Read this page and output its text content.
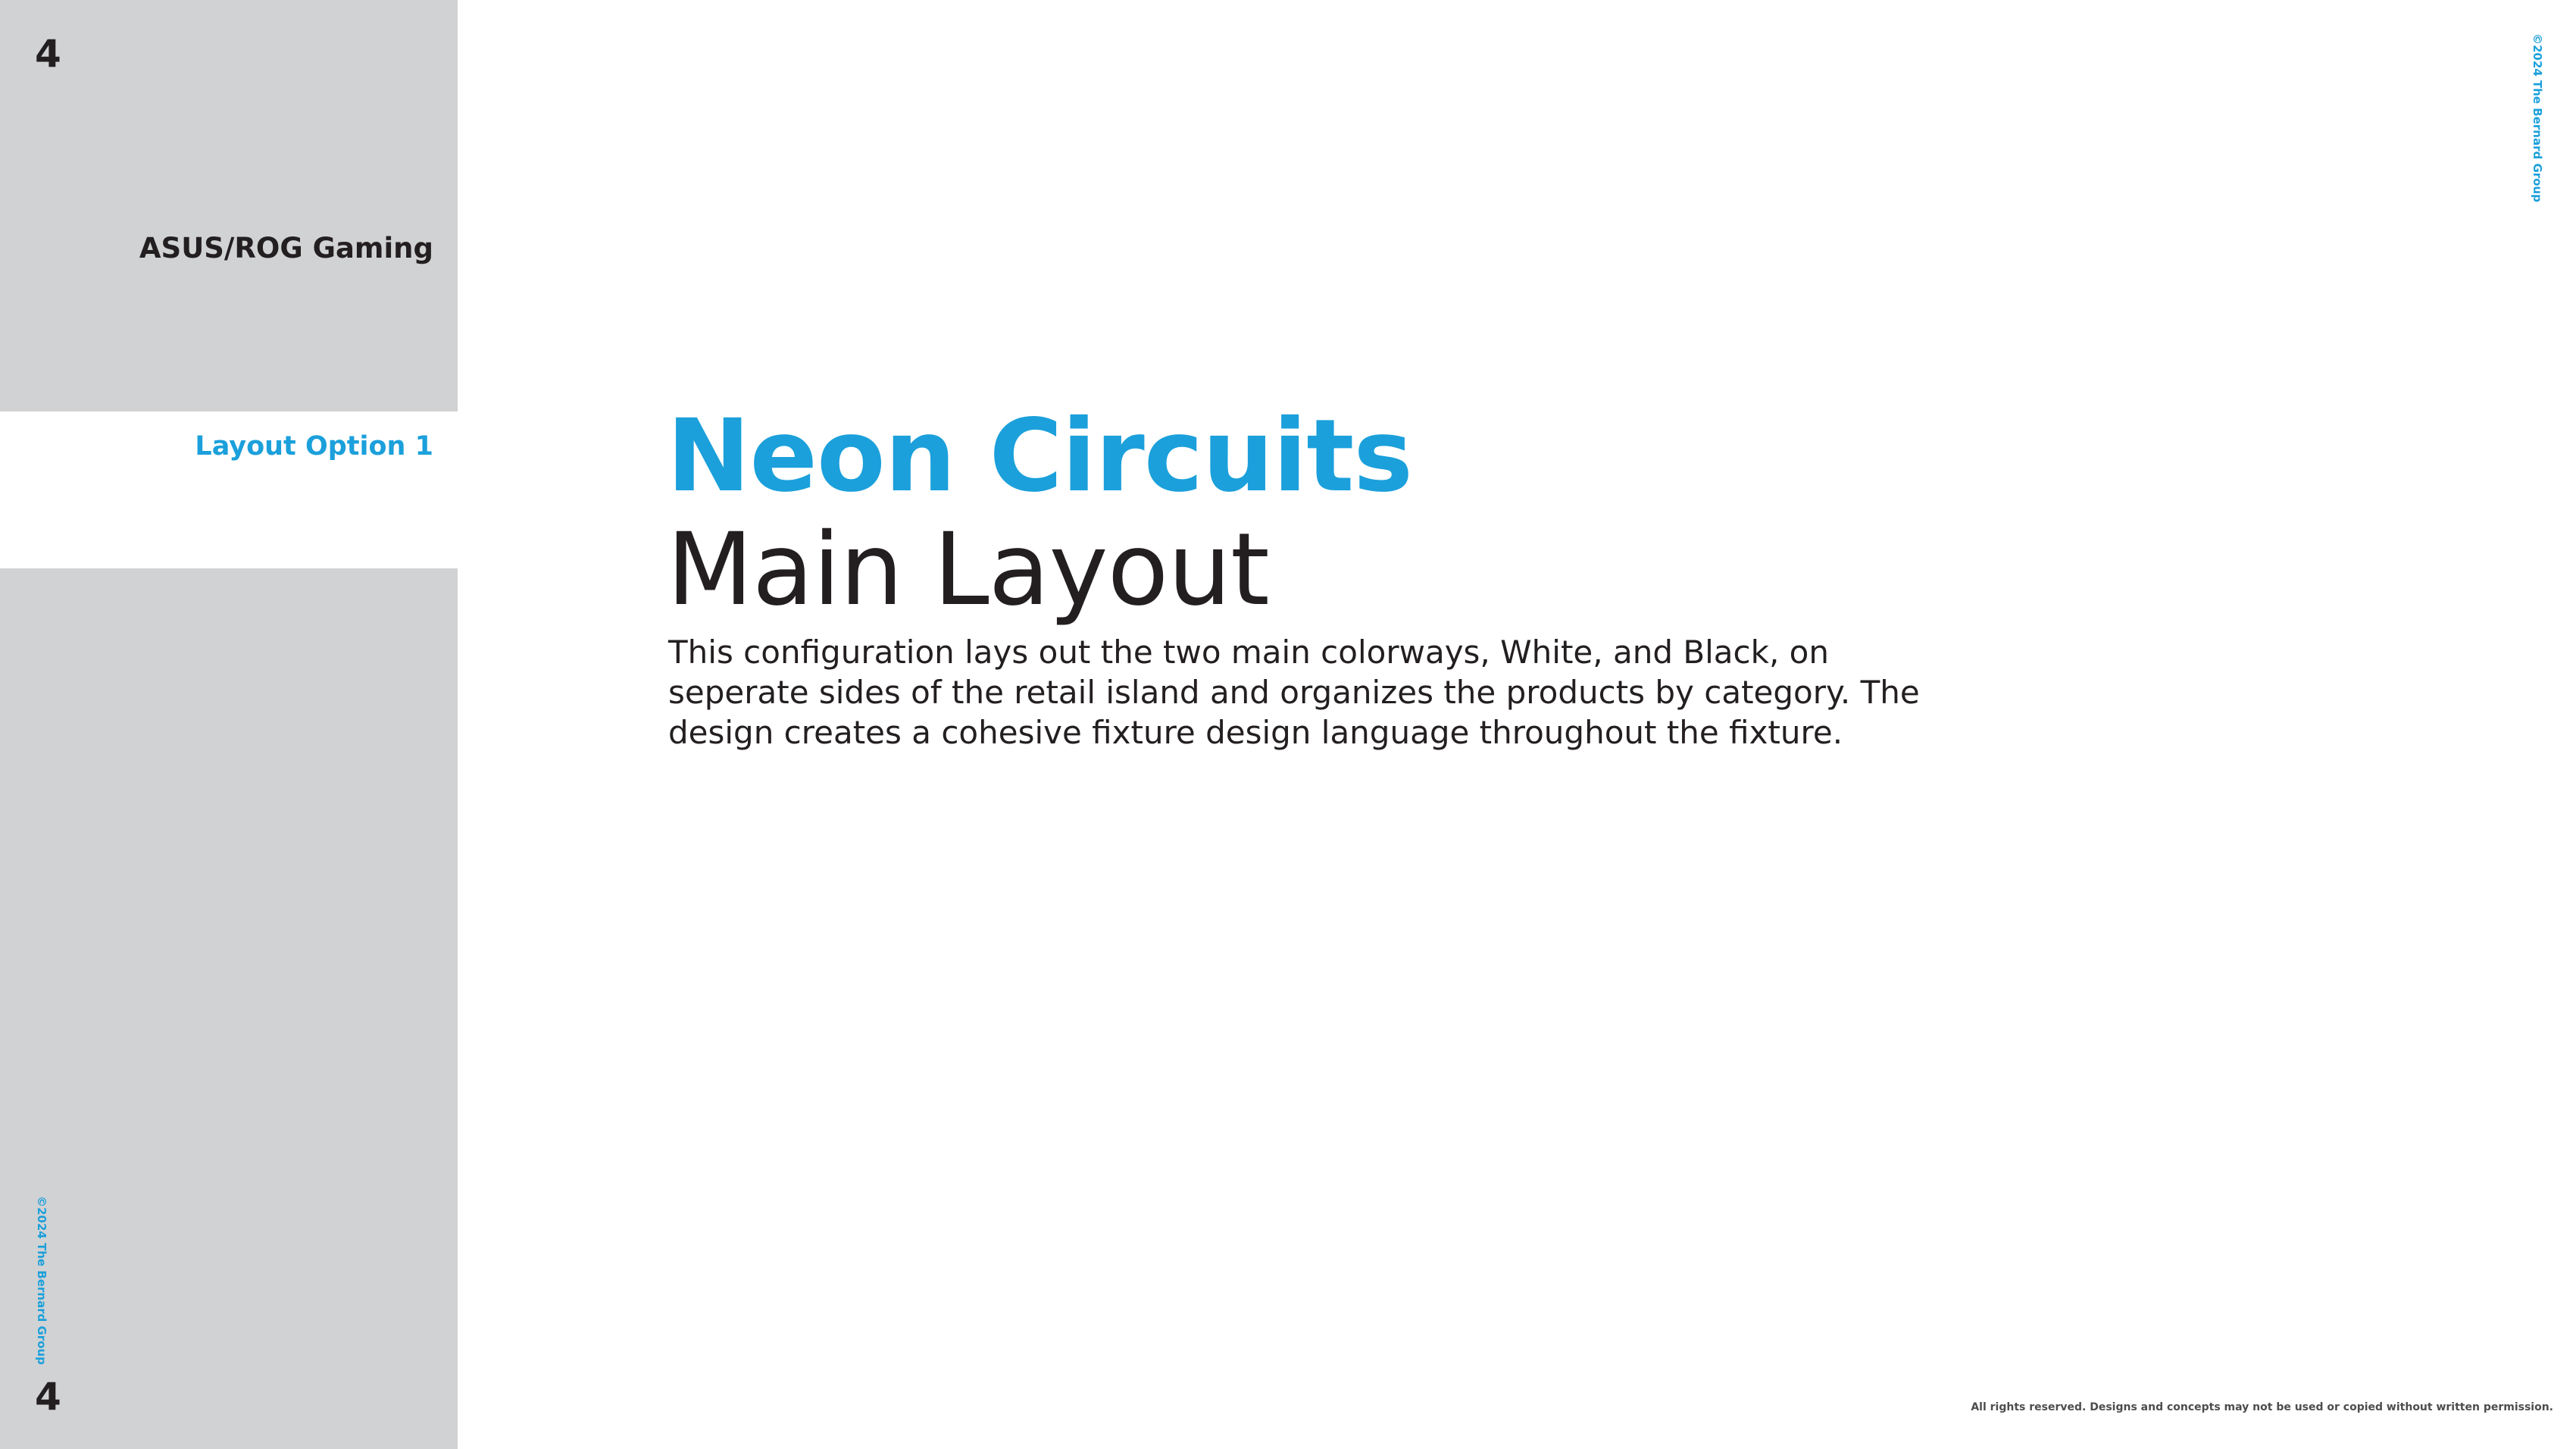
4
ASUS/ROG Gaming
Layout Option 1
©2024 The Bernard Group
4
©2024 The Bernard Group
Neon Circuits
Main Layout

This configuration lays out the two main colorways, White, and Black, on seperate sides of the retail island and organizes the products by category. The design creates a cohesive fixture design language throughout the fixture.

All rights reserved. Designs and concepts may not be used or copied without written permission.
